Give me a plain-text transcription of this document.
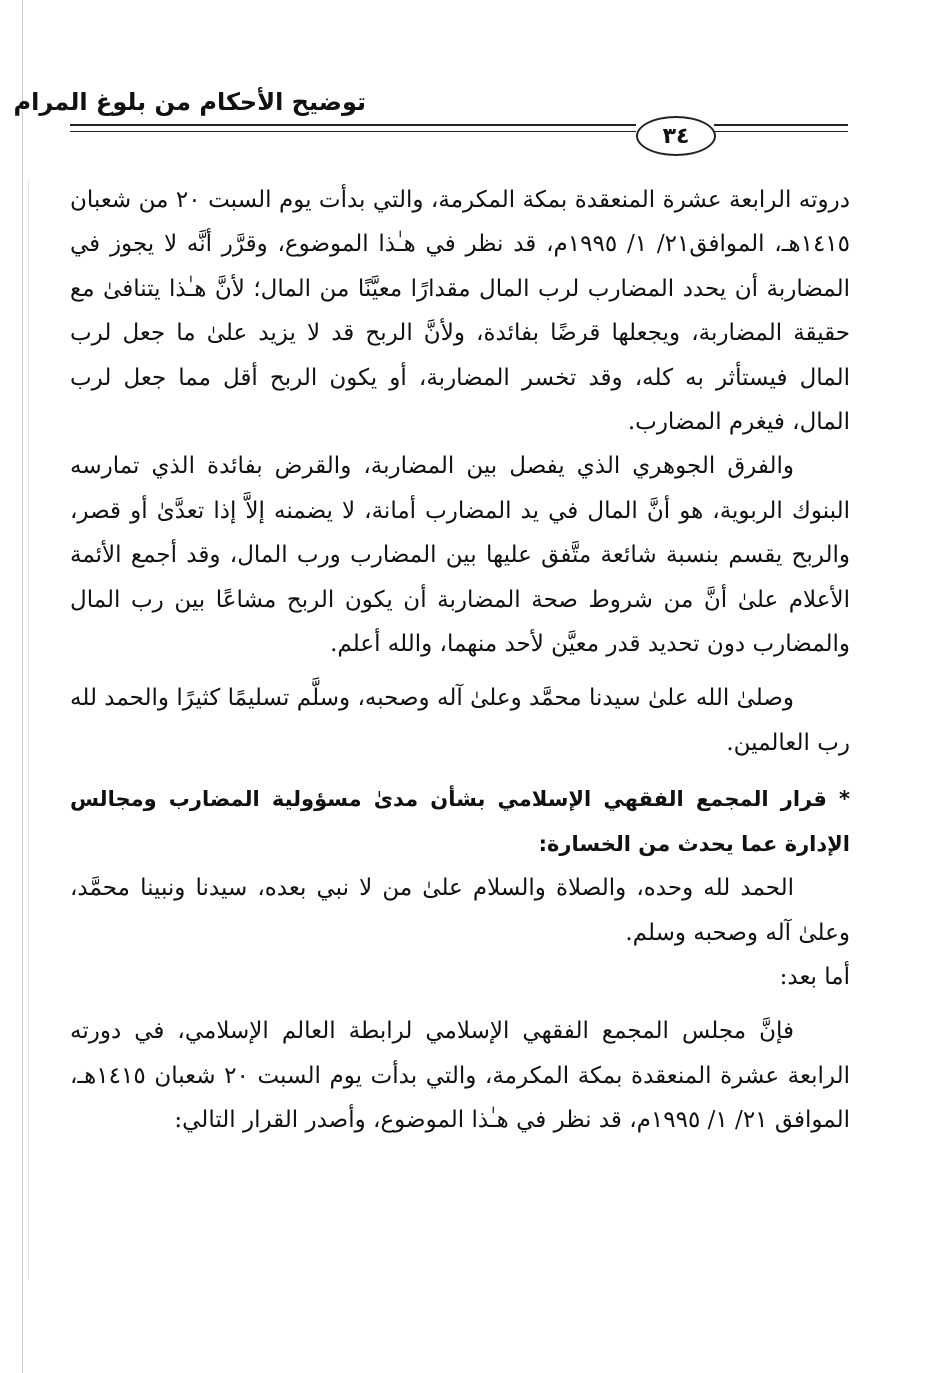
توضيح الأحكام من بلوغ المرام
٣٤

دروته الرابعة عشرة المنعقدة بمكة المكرمة، والتي بدأت يوم السبت ٢٠ من شعبان ١٤١٥هـ، الموافق٢١/ ١/ ١٩٩٥م، قد نظر في هـٰذا الموضوع، وقرَّر أنَّه لا يجوز في المضاربة أن يحدد المضارب لرب المال مقدارًا معيَّنًا من المال؛ لأنَّ هـٰذا يتنافىٰ مع حقيقة المضاربة، ويجعلها قرضًا بفائدة، ولأنَّ الربح قد لا يزيد علىٰ ما جعل لرب المال فيستأثر به كله، وقد تخسر المضاربة، أو يكون الربح أقل مما جعل لرب المال، فيغرم المضارب.

والفرق الجوهري الذي يفصل بين المضاربة، والقرض بفائدة الذي تمارسه البنوك الربوية، هو أنَّ المال في يد المضارب أمانة، لا يضمنه إلاَّ إذا تعدَّىٰ أو قصر، والربح يقسم بنسبة شائعة متَّفق عليها بين المضارب ورب المال، وقد أجمع الأئمة الأعلام علىٰ أنَّ من شروط صحة المضاربة أن يكون الربح مشاعًا بين رب المال والمضارب دون تحديد قدر معيَّن لأحد منهما، والله أعلم.

وصلىٰ الله علىٰ سيدنا محمَّد وعلىٰ آله وصحبه، وسلَّم تسليمًا كثيرًا والحمد لله رب العالمين.

* قرار المجمع الفقهي الإسلامي بشأن مدىٰ مسؤولية المضارب ومجالس الإدارة عما يحدث من الخسارة:

الحمد لله وحده، والصلاة والسلام علىٰ من لا نبي بعده، سيدنا ونبينا محمَّد، وعلىٰ آله وصحبه وسلم.

أما بعد:

فإنَّ مجلس المجمع الفقهي الإسلامي لرابطة العالم الإسلامي، في دورته الرابعة عشرة المنعقدة بمكة المكرمة، والتي بدأت يوم السبت ٢٠ شعبان ١٤١٥هـ، الموافق ٢١/ ١/ ١٩٩٥م، قد نظر في هـٰذا الموضوع، وأصدر القرار التالي:
